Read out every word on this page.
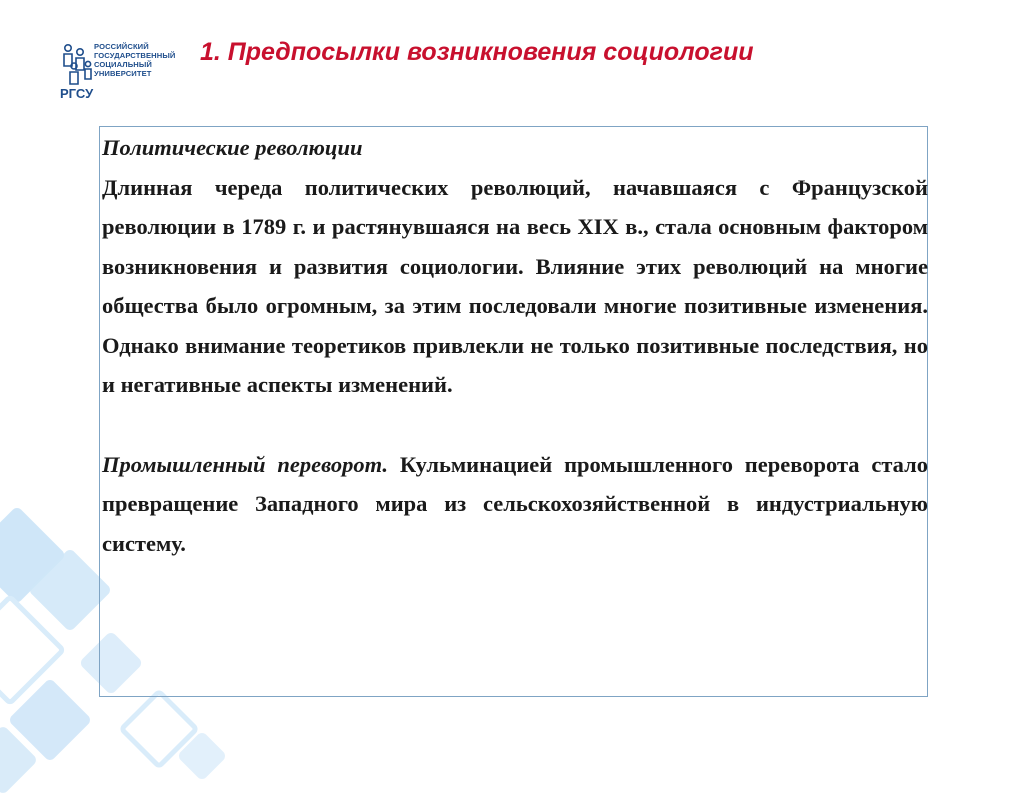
РОССИЙСКИЙ
ГОСУДАРСТВЕННЫЙ
СОЦИАЛЬНЫЙ
УНИВЕРСИТЕТ
РГСУ
1. Предпосылки возникновения социологии
Политические революции

Длинная череда политических революций, начавшаяся с Французской революции в 1789 г. и растянувшаяся на весь XIX в., стала основным фактором возникновения и развития социологии. Влияние этих революций на многие общества было огромным, за этим последовали многие позитивные изменения. Однако внимание теоретиков привлекли не только позитивные последствия, но и негативные аспекты изменений.

Промышленный переворот. Кульминацией промышленного переворота стало превращение Западного мира из сельскохозяйственной в индустриальную систему.
